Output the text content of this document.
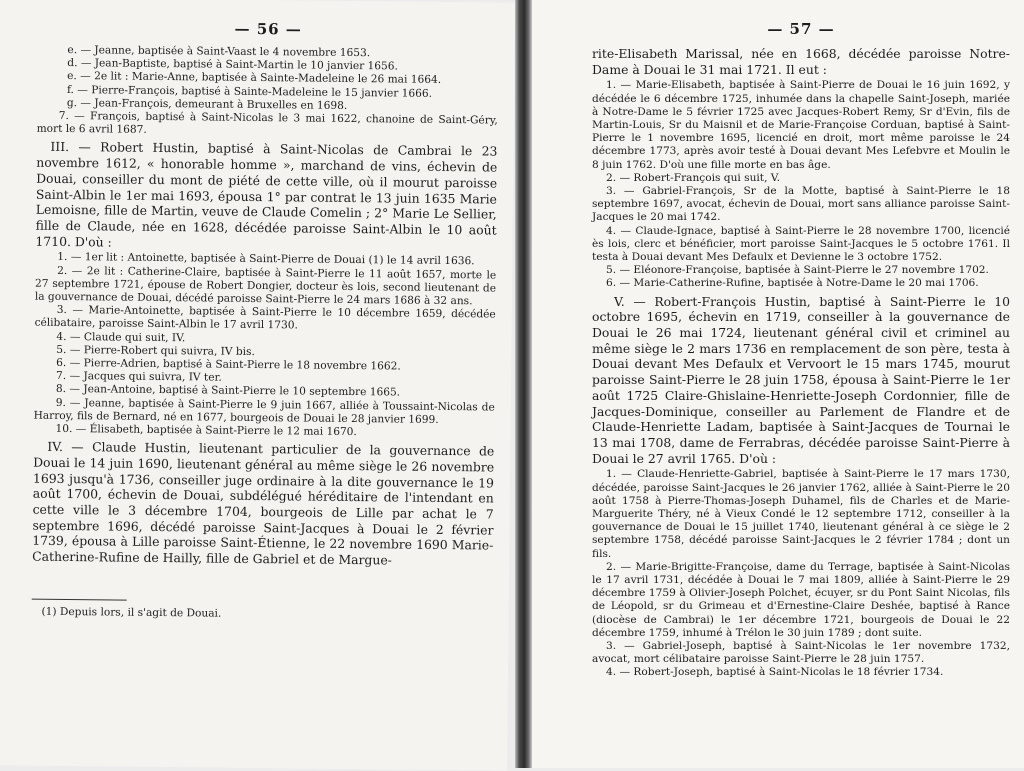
— 56 —

e. — Jeanne, baptisée à Saint-Vaast le 4 novembre 1653.

d. — Jean-Baptiste, baptisé à Saint-Martin le 10 janvier 1656.

e. — 2e lit : Marie-Anne, baptisée à Sainte-Madeleine le 26 mai 1664.

f. — Pierre-François, baptisé à Sainte-Madeleine le 15 janvier 1666.

g. — Jean-François, demeurant à Bruxelles en 1698.

7. — François, baptisé à Saint-Nicolas le 3 mai 1622, chanoine de Saint-Géry, mort le 6 avril 1687.

III. — Robert Hustin, baptisé à Saint-Nicolas de Cambrai le 23 novembre 1612, « honorable homme », marchand de vins, échevin de Douai, conseiller du mont de piété de cette ville, où il mourut paroisse Saint-Albin le 1er mai 1693, épousa 1° par contrat le 13 juin 1635 Marie Lemoisne, fille de Martin, veuve de Claude Comelin ; 2° Marie Le Sellier, fille de Claude, née en 1628, décédée paroisse Saint-Albin le 10 août 1710. D'où :

1. — 1er lit : Antoinette, baptisée à Saint-Pierre de Douai (1) le 14 avril 1636.

2. — 2e lit : Catherine-Claire, baptisée à Saint-Pierre le 11 août 1657, morte le 27 septembre 1721, épouse de Robert Dongier, docteur ès lois, second lieutenant de la gouvernance de Douai, décédé paroisse Saint-Pierre le 24 mars 1686 à 32 ans.

3. — Marie-Antoinette, baptisée à Saint-Pierre le 10 décembre 1659, décédée célibataire, paroisse Saint-Albin le 17 avril 1730.

4. — Claude qui suit, IV.

5. — Pierre-Robert qui suivra, IV bis.

6. — Pierre-Adrien, baptisé à Saint-Pierre le 18 novembre 1662.

7. — Jacques qui suivra, IV ter.

8. — Jean-Antoine, baptisé à Saint-Pierre le 10 septembre 1665.

9. — Jeanne, baptisée à Saint-Pierre le 9 juin 1667, alliée à Toussaint-Nicolas de Harroy, fils de Bernard, né en 1677, bourgeois de Douai le 28 janvier 1699.

10. — Élisabeth, baptisée à Saint-Pierre le 12 mai 1670.

IV. — Claude Hustin, lieutenant particulier de la gouvernance de Douai le 14 juin 1690, lieutenant général au même siège le 26 novembre 1693 jusqu'à 1736, conseiller juge ordinaire à la dite gouvernance le 19 août 1700, échevin de Douai, subdélégué héréditaire de l'intendant en cette ville le 3 décembre 1704, bourgeois de Lille par achat le 7 septembre 1696, décédé paroisse Saint-Jacques à Douai le 2 février 1739, épousa à Lille paroisse Saint-Étienne, le 22 novembre 1690 Marie-Catherine-Rufine de Hailly, fille de Gabriel et de Margue-

(1) Depuis lors, il s'agit de Douai.

— 57 —

rite-Elisabeth Marissal, née en 1668, décédée paroisse Notre-Dame à Douai le 31 mai 1721. Il eut :

1. — Marie-Elisabeth, baptisée à Saint-Pierre de Douai le 16 juin 1692, y décédée le 6 décembre 1725, inhumée dans la chapelle Saint-Joseph, mariée à Notre-Dame le 5 février 1725 avec Jacques-Robert Remy, Sr d'Evin, fils de Martin-Louis, Sr du Maisnil et de Marie-Françoise Corduan, baptisé à Saint-Pierre le 1 novembre 1695, licencié en droit, mort même paroisse le 24 décembre 1773, après avoir testé à Douai devant Mes Lefebvre et Moulin le 8 juin 1762. D'où une fille morte en bas âge.

2. — Robert-François qui suit, V.

3. — Gabriel-François, Sr de la Motte, baptisé à Saint-Pierre le 18 septembre 1697, avocat, échevin de Douai, mort sans alliance paroisse Saint-Jacques le 20 mai 1742.

4. — Claude-Ignace, baptisé à Saint-Pierre le 28 novembre 1700, licencié ès lois, clerc et bénéficier, mort paroisse Saint-Jacques le 5 octobre 1761. Il testa à Douai devant Mes Defaulx et Devienne le 3 octobre 1752.

5. — Eléonore-Françoise, baptisée à Saint-Pierre le 27 novembre 1702.

6. — Marie-Catherine-Rufine, baptisée à Notre-Dame le 20 mai 1706.

V. — Robert-François Hustin, baptisé à Saint-Pierre le 10 octobre 1695, échevin en 1719, conseiller à la gouvernance de Douai le 26 mai 1724, lieutenant général civil et criminel au même siège le 2 mars 1736 en remplacement de son père, testa à Douai devant Mes Defaulx et Vervoort le 15 mars 1745, mourut paroisse Saint-Pierre le 28 juin 1758, épousa à Saint-Pierre le 1er août 1725 Claire-Ghislaine-Henriette-Joseph Cordonnier, fille de Jacques-Dominique, conseiller au Parlement de Flandre et de Claude-Henriette Ladam, baptisée à Saint-Jacques de Tournai le 13 mai 1708, dame de Ferrabras, décédée paroisse Saint-Pierre à Douai le 27 avril 1765. D'où :

1. — Claude-Henriette-Gabriel, baptisée à Saint-Pierre le 17 mars 1730, décédée, paroisse Saint-Jacques le 26 janvier 1762, alliée à Saint-Pierre le 20 août 1758 à Pierre-Thomas-Joseph Duhamel, fils de Charles et de Marie-Marguerite Théry, né à Vieux Condé le 12 septembre 1712, conseiller à la gouvernance de Douai le 15 juillet 1740, lieutenant général à ce siège le 2 septembre 1758, décédé paroisse Saint-Jacques le 2 février 1784 ; dont un fils.

2. — Marie-Brigitte-Françoise, dame du Terrage, baptisée à Saint-Nicolas le 17 avril 1731, décédée à Douai le 7 mai 1809, alliée à Saint-Pierre le 29 décembre 1759 à Olivier-Joseph Polchet, écuyer, sr du Pont Saint Nicolas, fils de Léopold, sr du Grimeau et d'Ernestine-Claire Deshée, baptisé à Rance (diocèse de Cambrai) le 1er décembre 1721, bourgeois de Douai le 22 décembre 1759, inhumé à Trélon le 30 juin 1789 ; dont suite.

3. — Gabriel-Joseph, baptisé à Saint-Nicolas le 1er novembre 1732, avocat, mort célibataire paroisse Saint-Pierre le 28 juin 1757.

4. — Robert-Joseph, baptisé à Saint-Nicolas le 18 février 1734.
